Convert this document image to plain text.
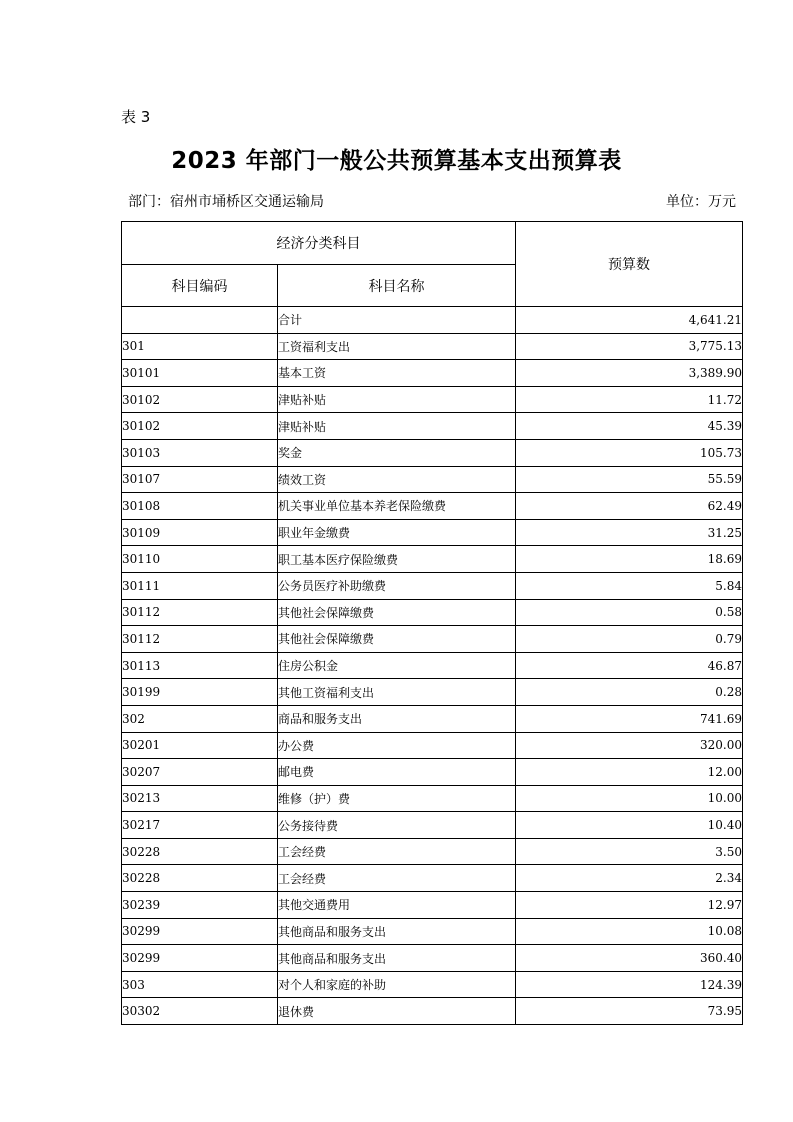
表 3
2023 年部门一般公共预算基本支出预算表
部门：宿州市埇桥区交通运输局	单位：万元
经济分类科目		预算数
科目编码	科目名称	
	合计	4,641.21
301	工资福利支出	3,775.13
30101	基本工资	3,389.90
30102	津贴补贴	11.72
30102	津贴补贴	45.39
30103	奖金	105.73
30107	绩效工资	55.59
30108	机关事业单位基本养老保险缴费	62.49
30109	职业年金缴费	31.25
30110	职工基本医疗保险缴费	18.69
30111	公务员医疗补助缴费	5.84
30112	其他社会保障缴费	0.58
30112	其他社会保障缴费	0.79
30113	住房公积金	46.87
30199	其他工资福利支出	0.28
302	商品和服务支出	741.69
30201	办公费	320.00
30207	邮电费	12.00
30213	维修（护）费	10.00
30217	公务接待费	10.40
30228	工会经费	3.50
30228	工会经费	2.34
30239	其他交通费用	12.97
30299	其他商品和服务支出	10.08
30299	其他商品和服务支出	360.40
303	对个人和家庭的补助	124.39
30302	退休费	73.95
